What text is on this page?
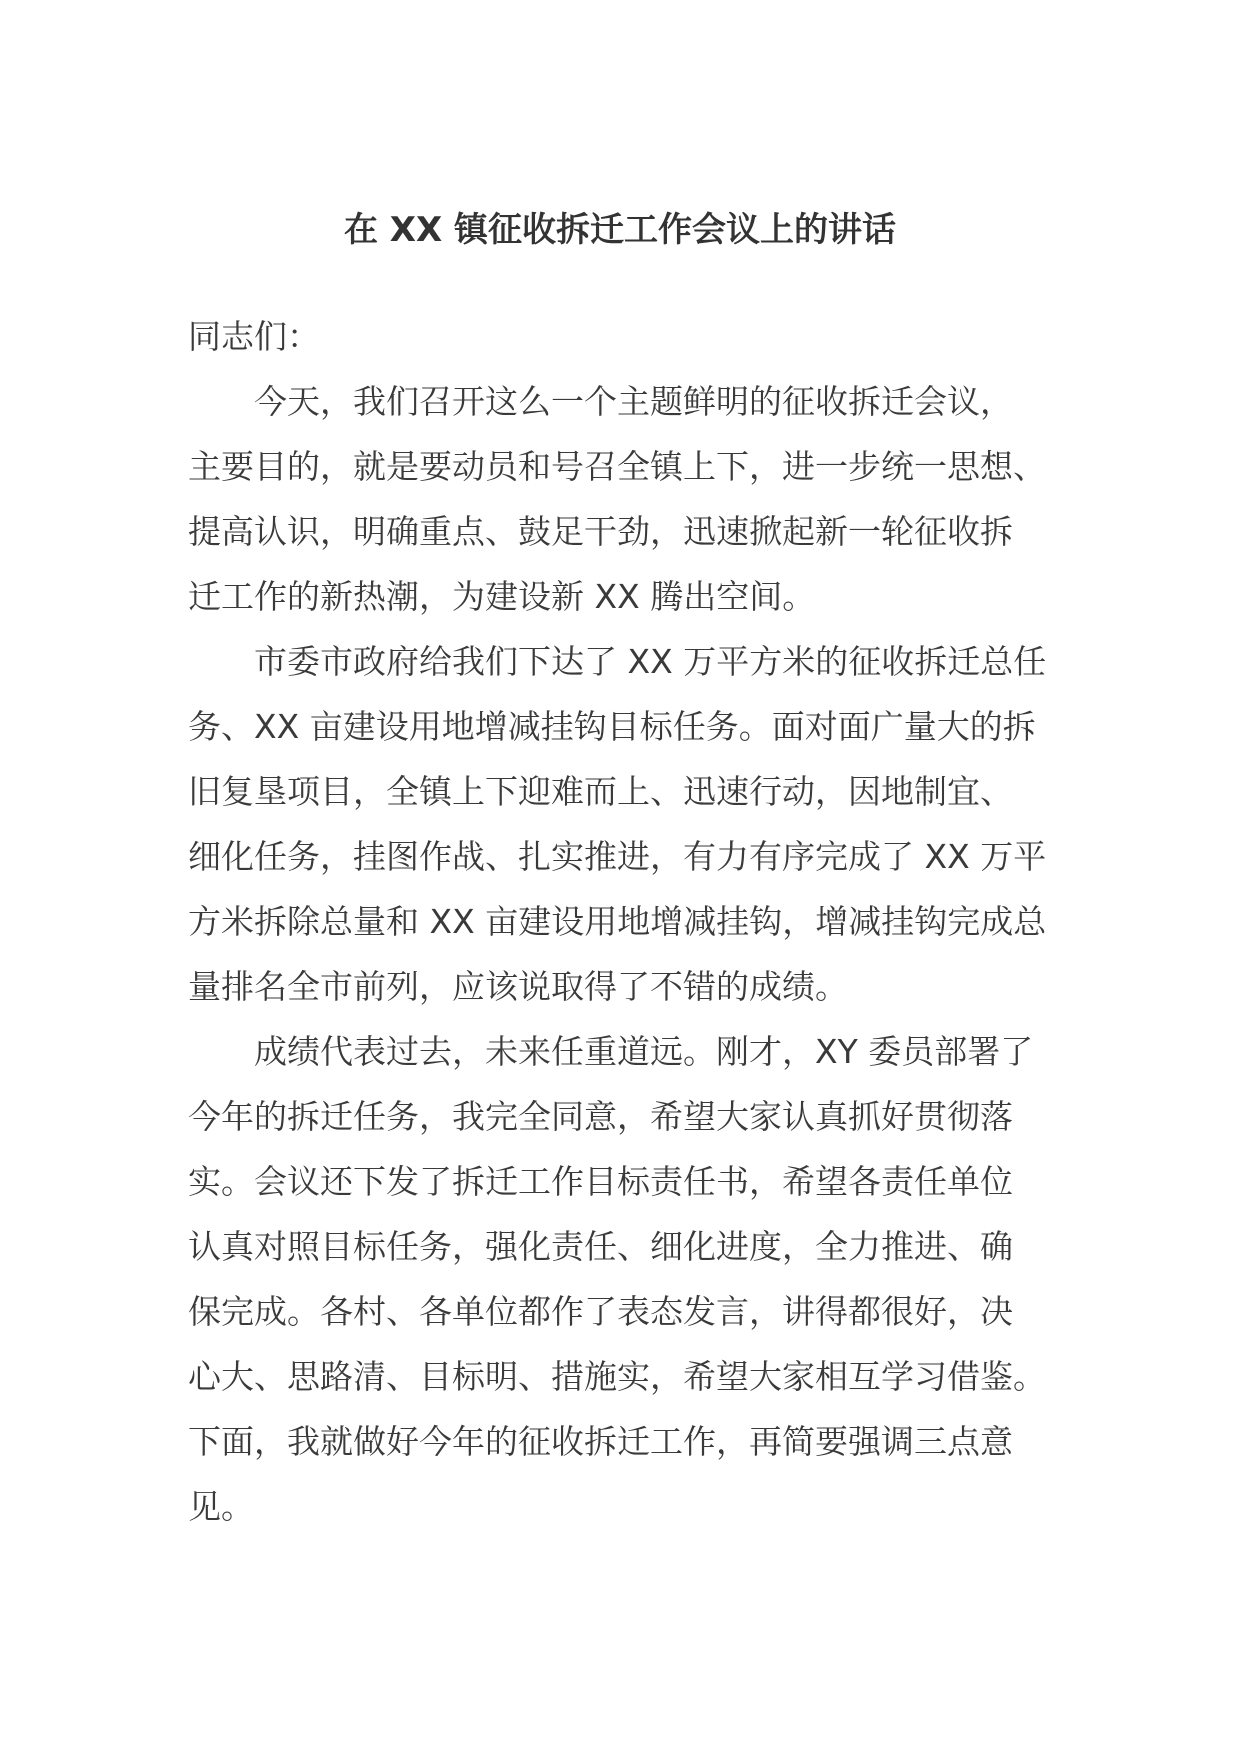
在 XX 镇征收拆迁工作会议上的讲话
同志们：
今天，我们召开这么一个主题鲜明的征收拆迁会议，
主要目的，就是要动员和号召全镇上下，进一步统一思想、
提高认识，明确重点、鼓足干劲，迅速掀起新一轮征收拆
迁工作的新热潮，为建设新 XX 腾出空间。
市委市政府给我们下达了 XX 万平方米的征收拆迁总任
务、XX 亩建设用地增减挂钩目标任务。面对面广量大的拆
旧复垦项目，全镇上下迎难而上、迅速行动，因地制宜、
细化任务，挂图作战、扎实推进，有力有序完成了 XX 万平
方米拆除总量和 XX 亩建设用地增减挂钩，增减挂钩完成总
量排名全市前列，应该说取得了不错的成绩。
成绩代表过去，未来任重道远。刚才，XY 委员部署了
今年的拆迁任务，我完全同意，希望大家认真抓好贯彻落
实。会议还下发了拆迁工作目标责任书，希望各责任单位
认真对照目标任务，强化责任、细化进度，全力推进、确
保完成。各村、各单位都作了表态发言，讲得都很好，决
心大、思路清、目标明、措施实，希望大家相互学习借鉴。
下面，我就做好今年的征收拆迁工作，再简要强调三点意
见。
